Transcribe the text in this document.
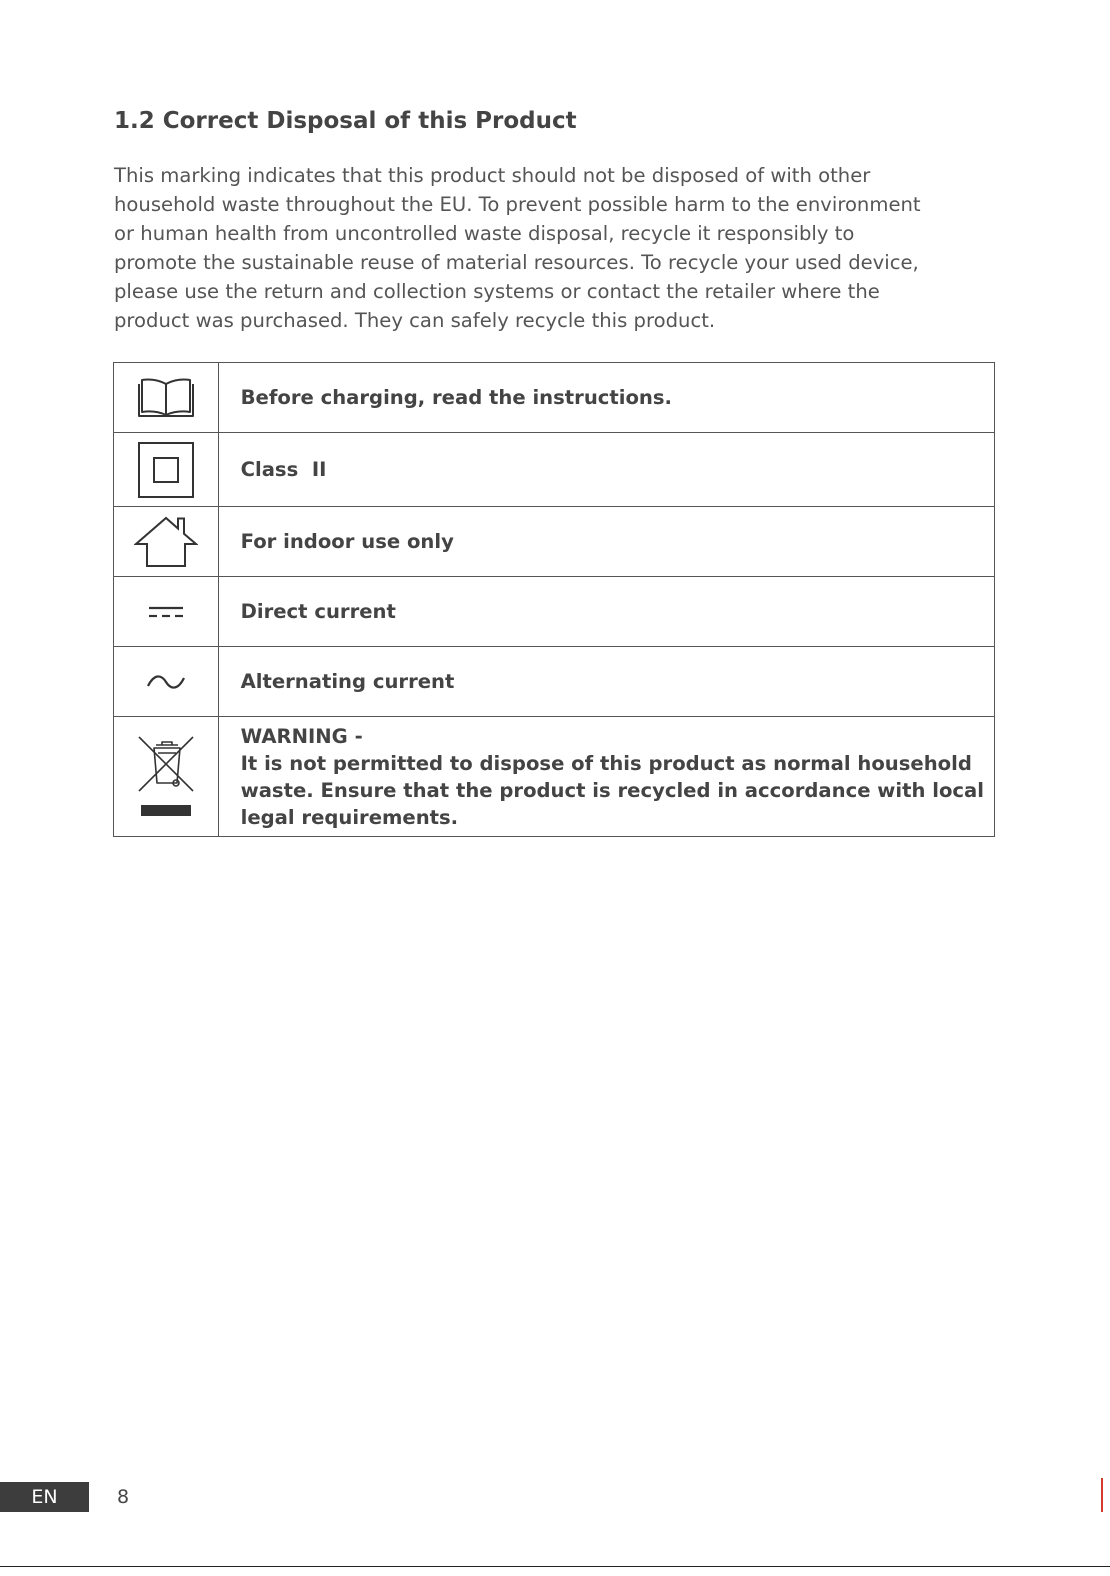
1.2 Correct Disposal of this Product

This marking indicates that this product should not be disposed of with other
household waste throughout the EU. To prevent possible harm to the environment
or human health from uncontrolled waste disposal, recycle it responsibly to
promote the sustainable reuse of material resources. To recycle your used device,
please use the return and collection systems or contact the retailer where the
product was purchased. They can safely recycle this product.

	Before charging, read the instructions.

	Class  II

	For indoor use only

	Direct current

	Alternating current

WARNING -
It is not permitted to dispose of this product as normal household
waste. Ensure that the product is recycled in accordance with local
legal requirements.
EN	8
